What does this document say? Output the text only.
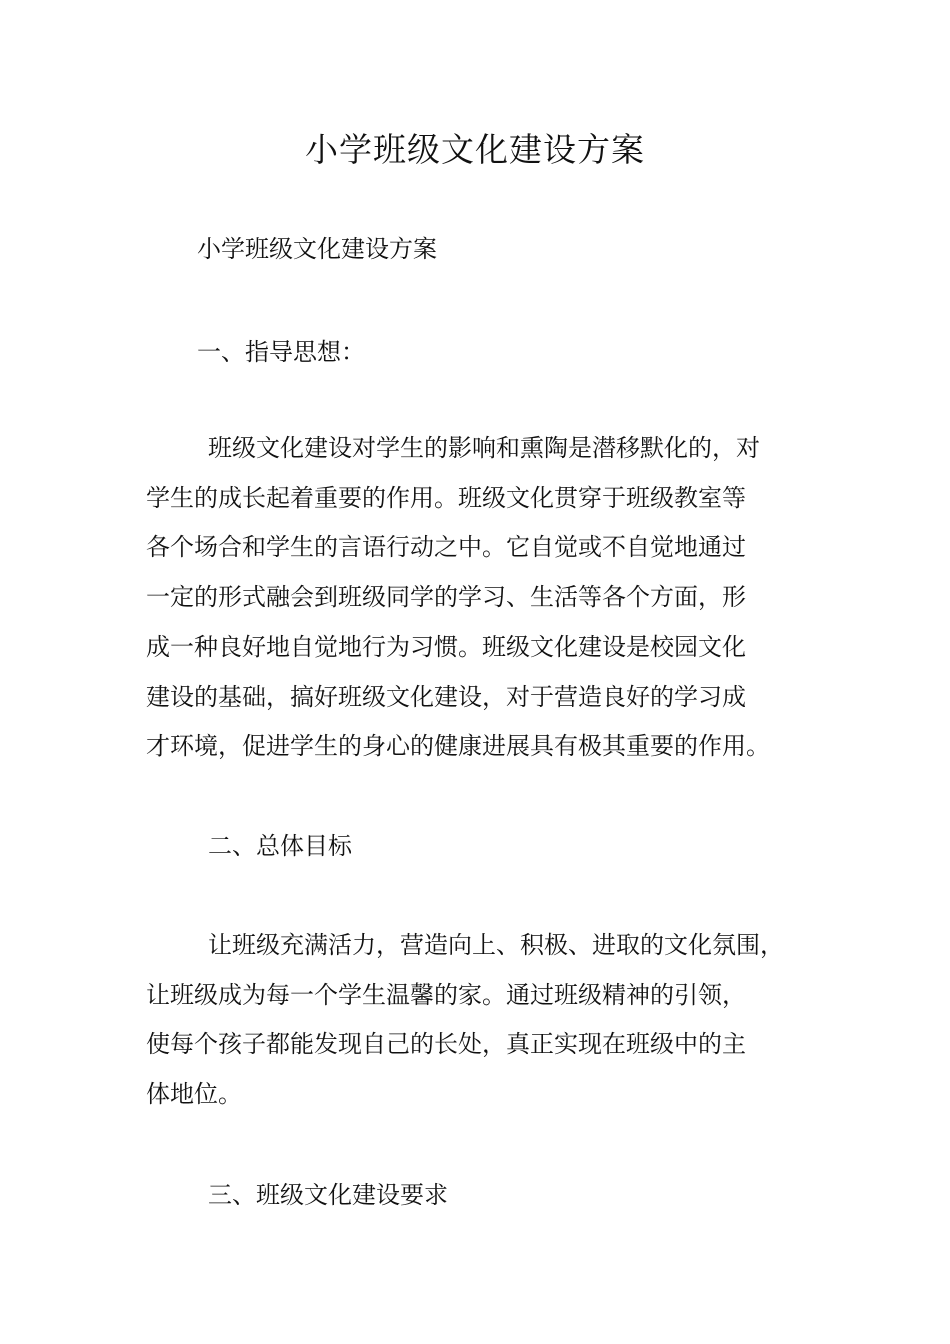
小学班级文化建设方案
小学班级文化建设方案
一、指导思想：
班级文化建设对学生的影响和熏陶是潜移默化的，对
学生的成长起着重要的作用。班级文化贯穿于班级教室等
各个场合和学生的言语行动之中。它自觉或不自觉地通过
一定的形式融会到班级同学的学习、生活等各个方面，形
成一种良好地自觉地行为习惯。班级文化建设是校园文化
建设的基础，搞好班级文化建设，对于营造良好的学习成
才环境，促进学生的身心的健康进展具有极其重要的作用。
二、总体目标
让班级充满活力，营造向上、积极、进取的文化氛围，
让班级成为每一个学生温馨的家。通过班级精神的引领，
使每个孩子都能发现自己的长处，真正实现在班级中的主
体地位。
三、班级文化建设要求
